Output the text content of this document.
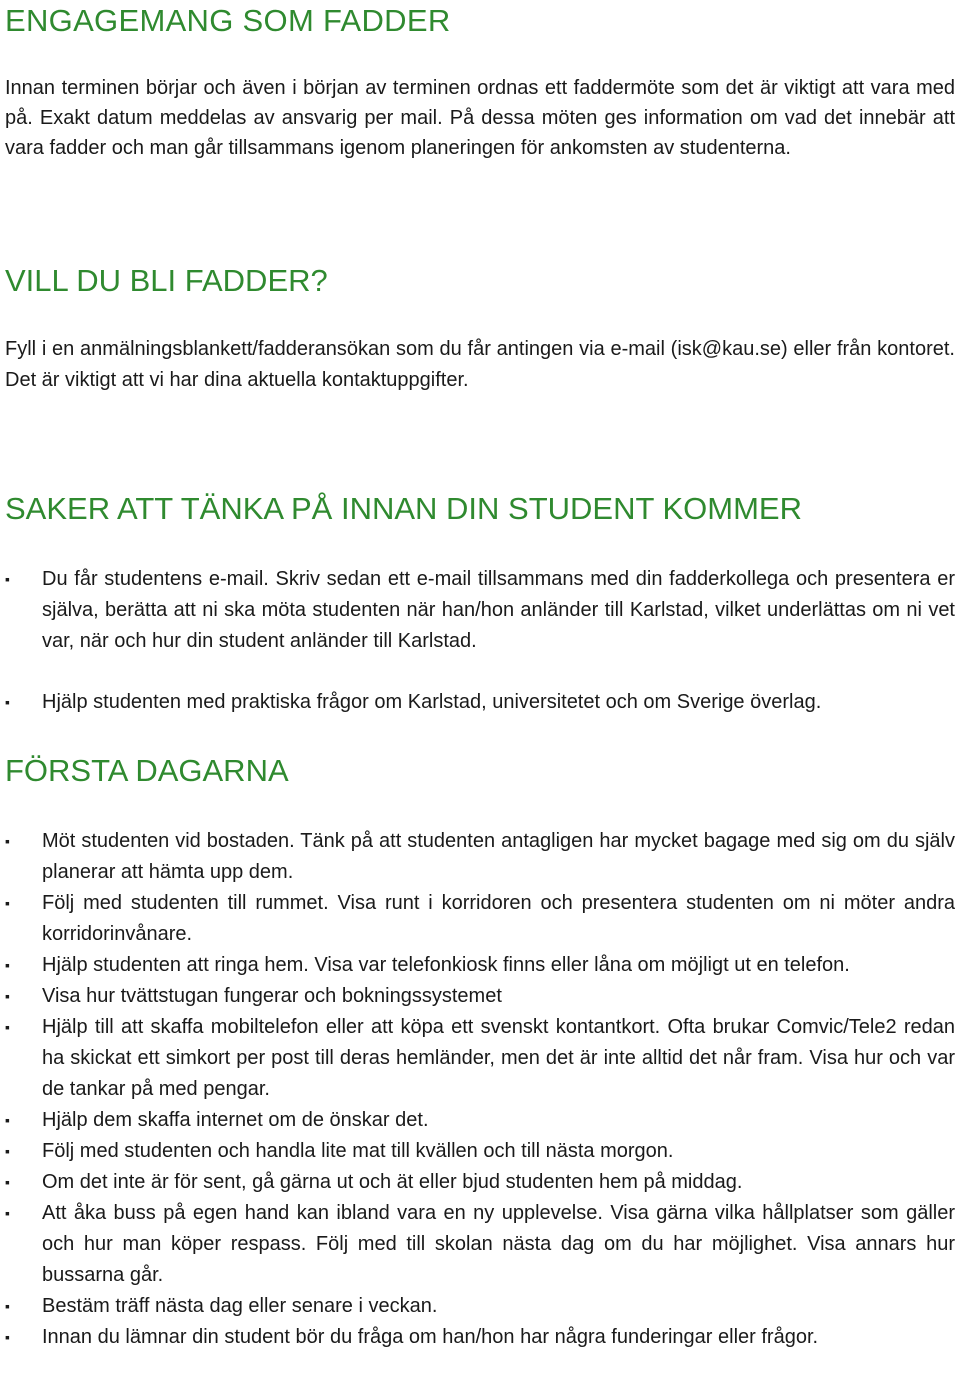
ENGAGEMANG SOM FADDER

Innan terminen börjar och även i början av terminen ordnas ett faddermöte som det är viktigt att vara med på. Exakt datum meddelas av ansvarig per mail. På dessa möten ges information om vad det innebär att vara fadder och man går tillsammans igenom planeringen för ankomsten av studenterna.

VILL DU BLI FADDER?

Fyll i en anmälningsblankett/fadderansökan som du får antingen via e-mail (isk@kau.se) eller från kontoret. Det är viktigt att vi har dina aktuella kontaktuppgifter.

SAKER ATT TÄNKA PÅ INNAN DIN STUDENT KOMMER
▪ Du får studentens e-mail. Skriv sedan ett e-mail tillsammans med din fadderkollega och presentera er själva, berätta att ni ska möta studenten när han/hon anländer till Karlstad, vilket underlättas om ni vet var, när och hur din student anländer till Karlstad.
▪ Hjälp studenten med praktiska frågor om Karlstad, universitetet och om Sverige överlag.
FÖRSTA DAGARNA
▪ Möt studenten vid bostaden. Tänk på att studenten antagligen har mycket bagage med sig om du själv planerar att hämta upp dem.
▪ Följ med studenten till rummet. Visa runt i korridoren och presentera studenten om ni möter andra korridorinvånare.
▪ Hjälp studenten att ringa hem. Visa var telefonkiosk finns eller låna om möjligt ut en telefon.
▪ Visa hur tvättstugan fungerar och bokningssystemet
▪ Hjälp till att skaffa mobiltelefon eller att köpa ett svenskt kontantkort. Ofta brukar Comvic/Tele2 redan ha skickat ett simkort per post till deras hemländer, men det är inte alltid det når fram. Visa hur och var de tankar på med pengar.
▪ Hjälp dem skaffa internet om de önskar det.
▪ Följ med studenten och handla lite mat till kvällen och till nästa morgon.
▪ Om det inte är för sent, gå gärna ut och ät eller bjud studenten hem på middag.
▪ Att åka buss på egen hand kan ibland vara en ny upplevelse. Visa gärna vilka hållplatser som gäller och hur man köper respass. Följ med till skolan nästa dag om du har möjlighet. Visa annars hur bussarna går.
▪ Bestäm träff nästa dag eller senare i veckan.
▪ Innan du lämnar din student bör du fråga om han/hon har några funderingar eller frågor.
